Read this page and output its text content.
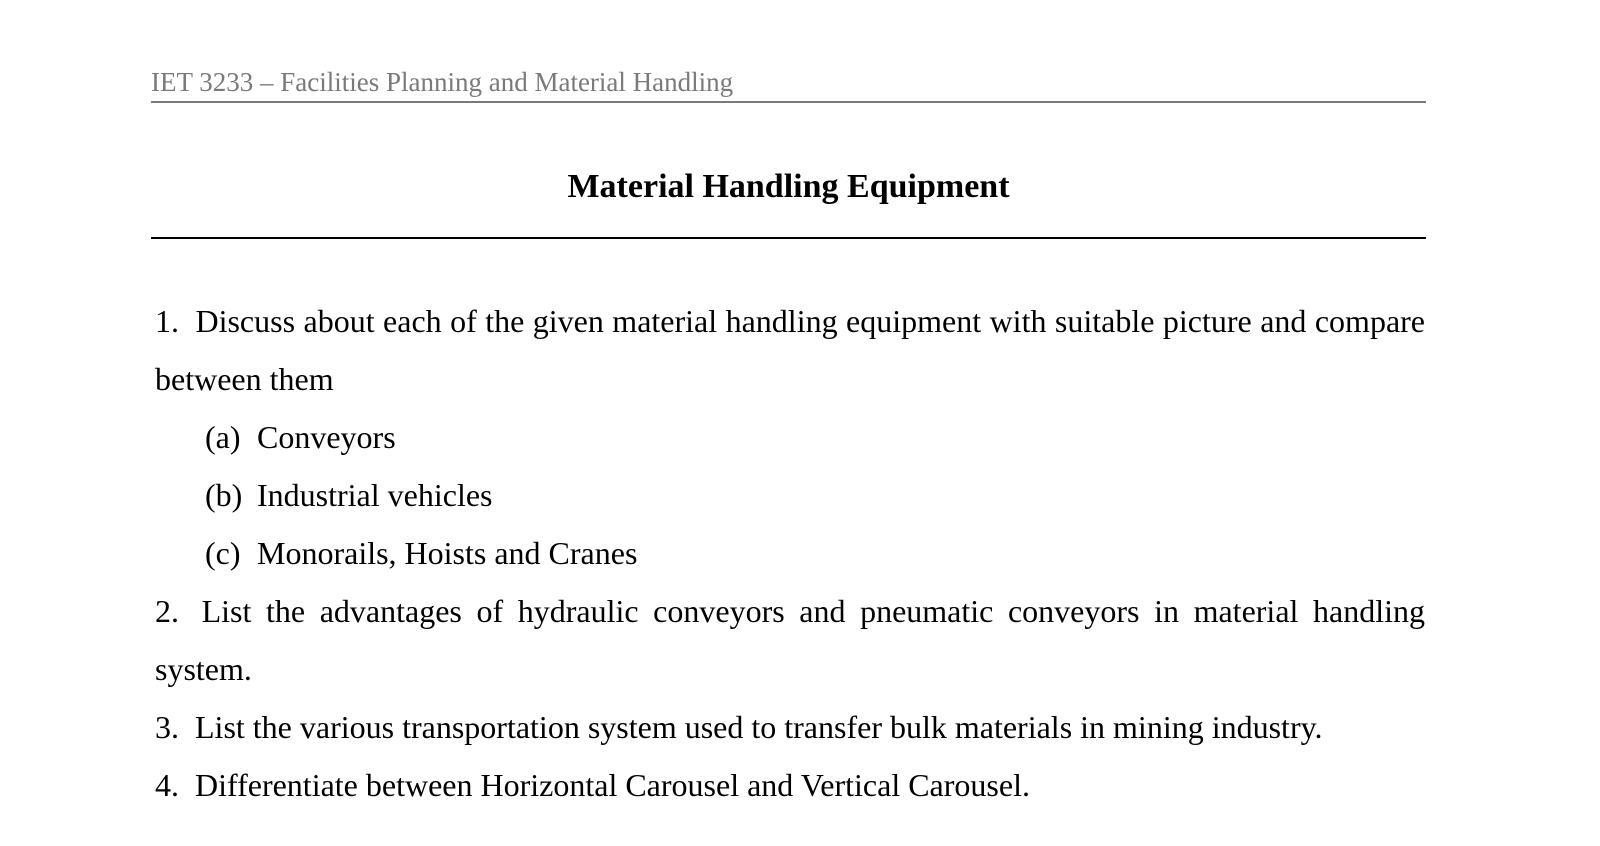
IET 3233 – Facilities Planning and Material Handling
Material Handling Equipment

1. Discuss about each of the given material handling equipment with suitable picture and compare between them

(a) Conveyors
(b) Industrial vehicles
(c) Monorails, Hoists and Cranes

2. List the advantages of hydraulic conveyors and pneumatic conveyors in material handling system.

3. List the various transportation system used to transfer bulk materials in mining industry.

4. Differentiate between Horizontal Carousel and Vertical Carousel.
